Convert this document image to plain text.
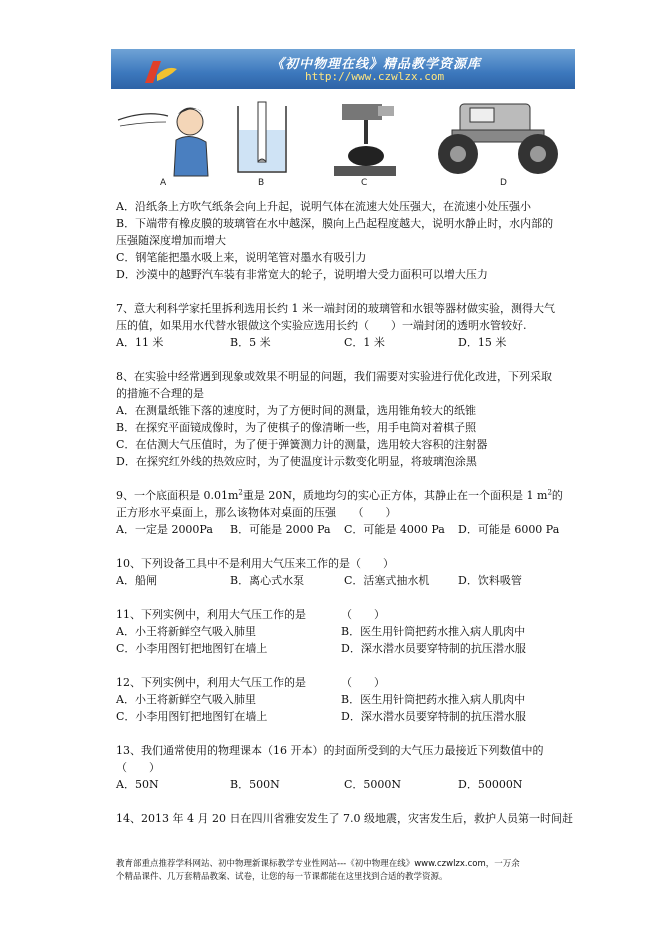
《初中物理在线》精品教学资源库
http://www.czwlzx.com
A	B	C	D
A．沿纸条上方吹气纸条会向上升起，说明气体在流速大处压强大，在流速小处压强小
B．下端带有橡皮膜的玻璃管在水中越深，膜向上凸起程度越大，说明水静止时，水内部的
压强随深度增加而增大
C．钢笔能把墨水吸上来，说明笔管对墨水有吸引力
D．沙漠中的越野汽车装有非常宽大的轮子，说明增大受力面积可以增大压力
7、意大利科学家托里拆利选用长约 1 米一端封闭的玻璃管和水银等器材做实验，测得大气
压的值，如果用水代替水银做这个实验应选用长约（　　）一端封闭的透明水管较好.
A．11 米	B．5 米	C．1 米	D．15 米
8、在实验中经常遇到现象或效果不明显的问题，我们需要对实验进行优化改进，下列采取
的措施不合理的是
A．在测量纸锥下落的速度时，为了方便时间的测量，选用锥角较大的纸锥
B．在探究平面镜成像时，为了使棋子的像清晰一些，用手电筒对着棋子照
C．在估测大气压值时，为了便于弹簧测力计的测量，选用较大容积的注射器
D．在探究红外线的热效应时，为了使温度计示数变化明显，将玻璃泡涂黑
9、一个底面积是 $0.01m^2$重是 20N，质地均匀的实心正方体，其静止在一个面积是 1 $m^2$的
正方形水平桌面上，那么该物体对桌面的压强　　（　　）
A．一定是 2000Pa	B．可能是 2000 Pa	C．可能是 4000 Pa	D．可能是 6000 Pa
10、下列设备工具中不是利用大气压来工作的是（　　）
A．船闸	B．离心式水泵	C．活塞式抽水机	D．饮料吸管
11、下列实例中，利用大气压工作的是	（　　）
A．小王将新鲜空气吸入肺里	B．医生用针筒把药水推入病人肌肉中
C．小李用图钉把地图钉在墙上	D．深水潜水员要穿特制的抗压潜水服
12、下列实例中，利用大气压工作的是	（　　）
A．小王将新鲜空气吸入肺里	B．医生用针筒把药水推入病人肌肉中
C．小李用图钉把地图钉在墙上	D．深水潜水员要穿特制的抗压潜水服
13、我们通常使用的物理课本（16 开本）的封面所受到的大气压力最接近下列数值中的
（　　）
A．50N	B．500N	C．5000N	D．50000N
14、2013 年 4 月 20 日在四川省雅安发生了 7.0 级地震，灾害发生后，救护人员第一时间赶
教育部重点推荐学科网站、初中物理新课标教学专业性网站---《初中物理在线》www.czwlzx.com，一万余
个精品课件、几万套精品教案、试卷，让您的每一节课都能在这里找到合适的教学资源。
